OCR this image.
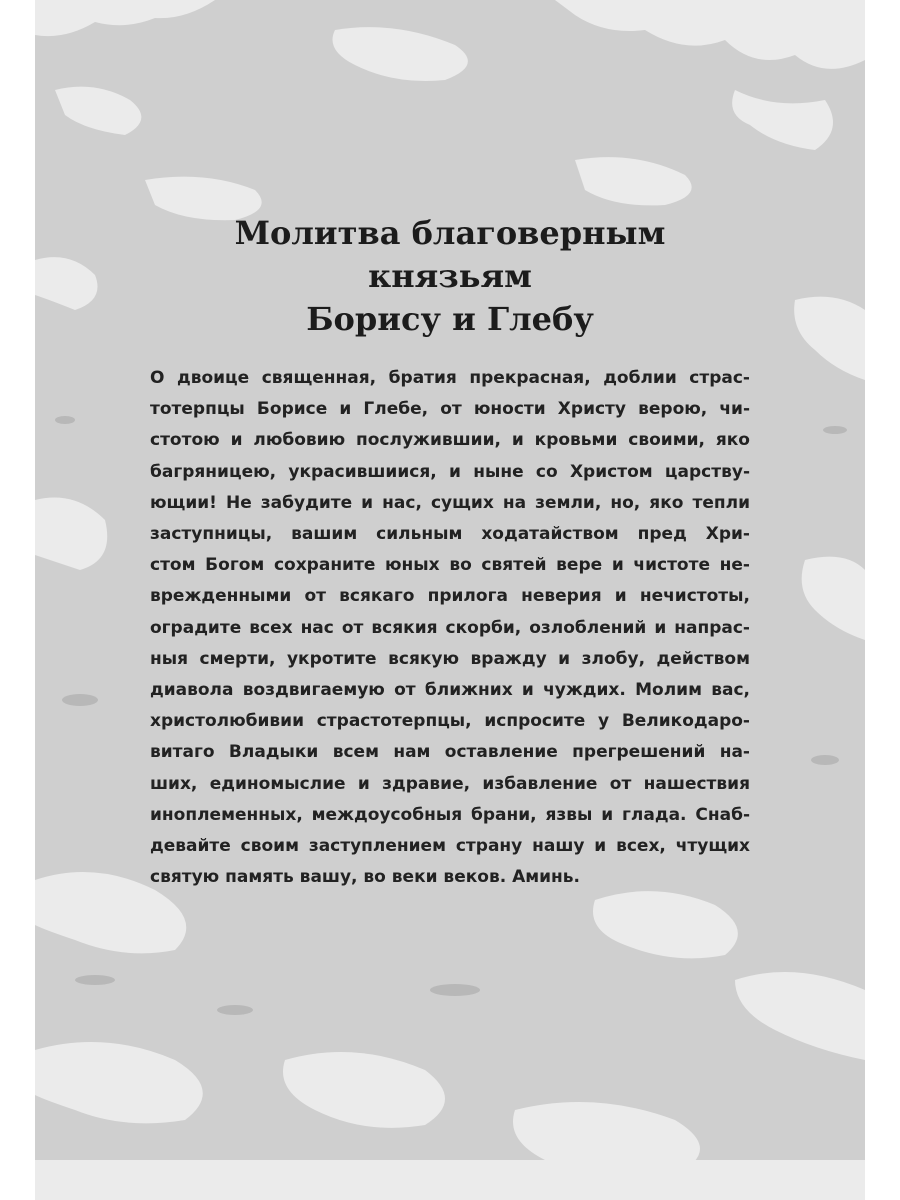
Молитва благоверным
князьям
Борису и Глебу
О двоице священная, братия прекрасная, доблии страс-
тотерпцы Борисе и Глебе, от юности Христу верою, чи-
стотою и любовию послужившии, и кровьми своими, яко
багряницею, украсившиися, и ныне со Христом царству-
ющии! Не забудите и нас, сущих на земли, но, яко тепли
заступницы, вашим сильным ходатайством пред Хри-
стом Богом сохраните юных во святей вере и чистоте не-
врежденными от всякаго прилога неверия и нечистоты,
оградите всех нас от всякия скорби, озлоблений и напрас-
ныя смерти, укротите всякую вражду и злобу, действом
диавола воздвигаемую от ближних и чуждих. Молим вас,
христолюбивии страстотерпцы, испросите у Великодаро-
витаго Владыки всем нам оставление прегрешений на-
ших, единомыслие и здравие, избавление от нашествия
иноплеменных, междоусобныя брани, язвы и глада. Снаб-
девайте своим заступлением страну нашу и всех, чтущих
святую память вашу, во веки веков. Аминь.
